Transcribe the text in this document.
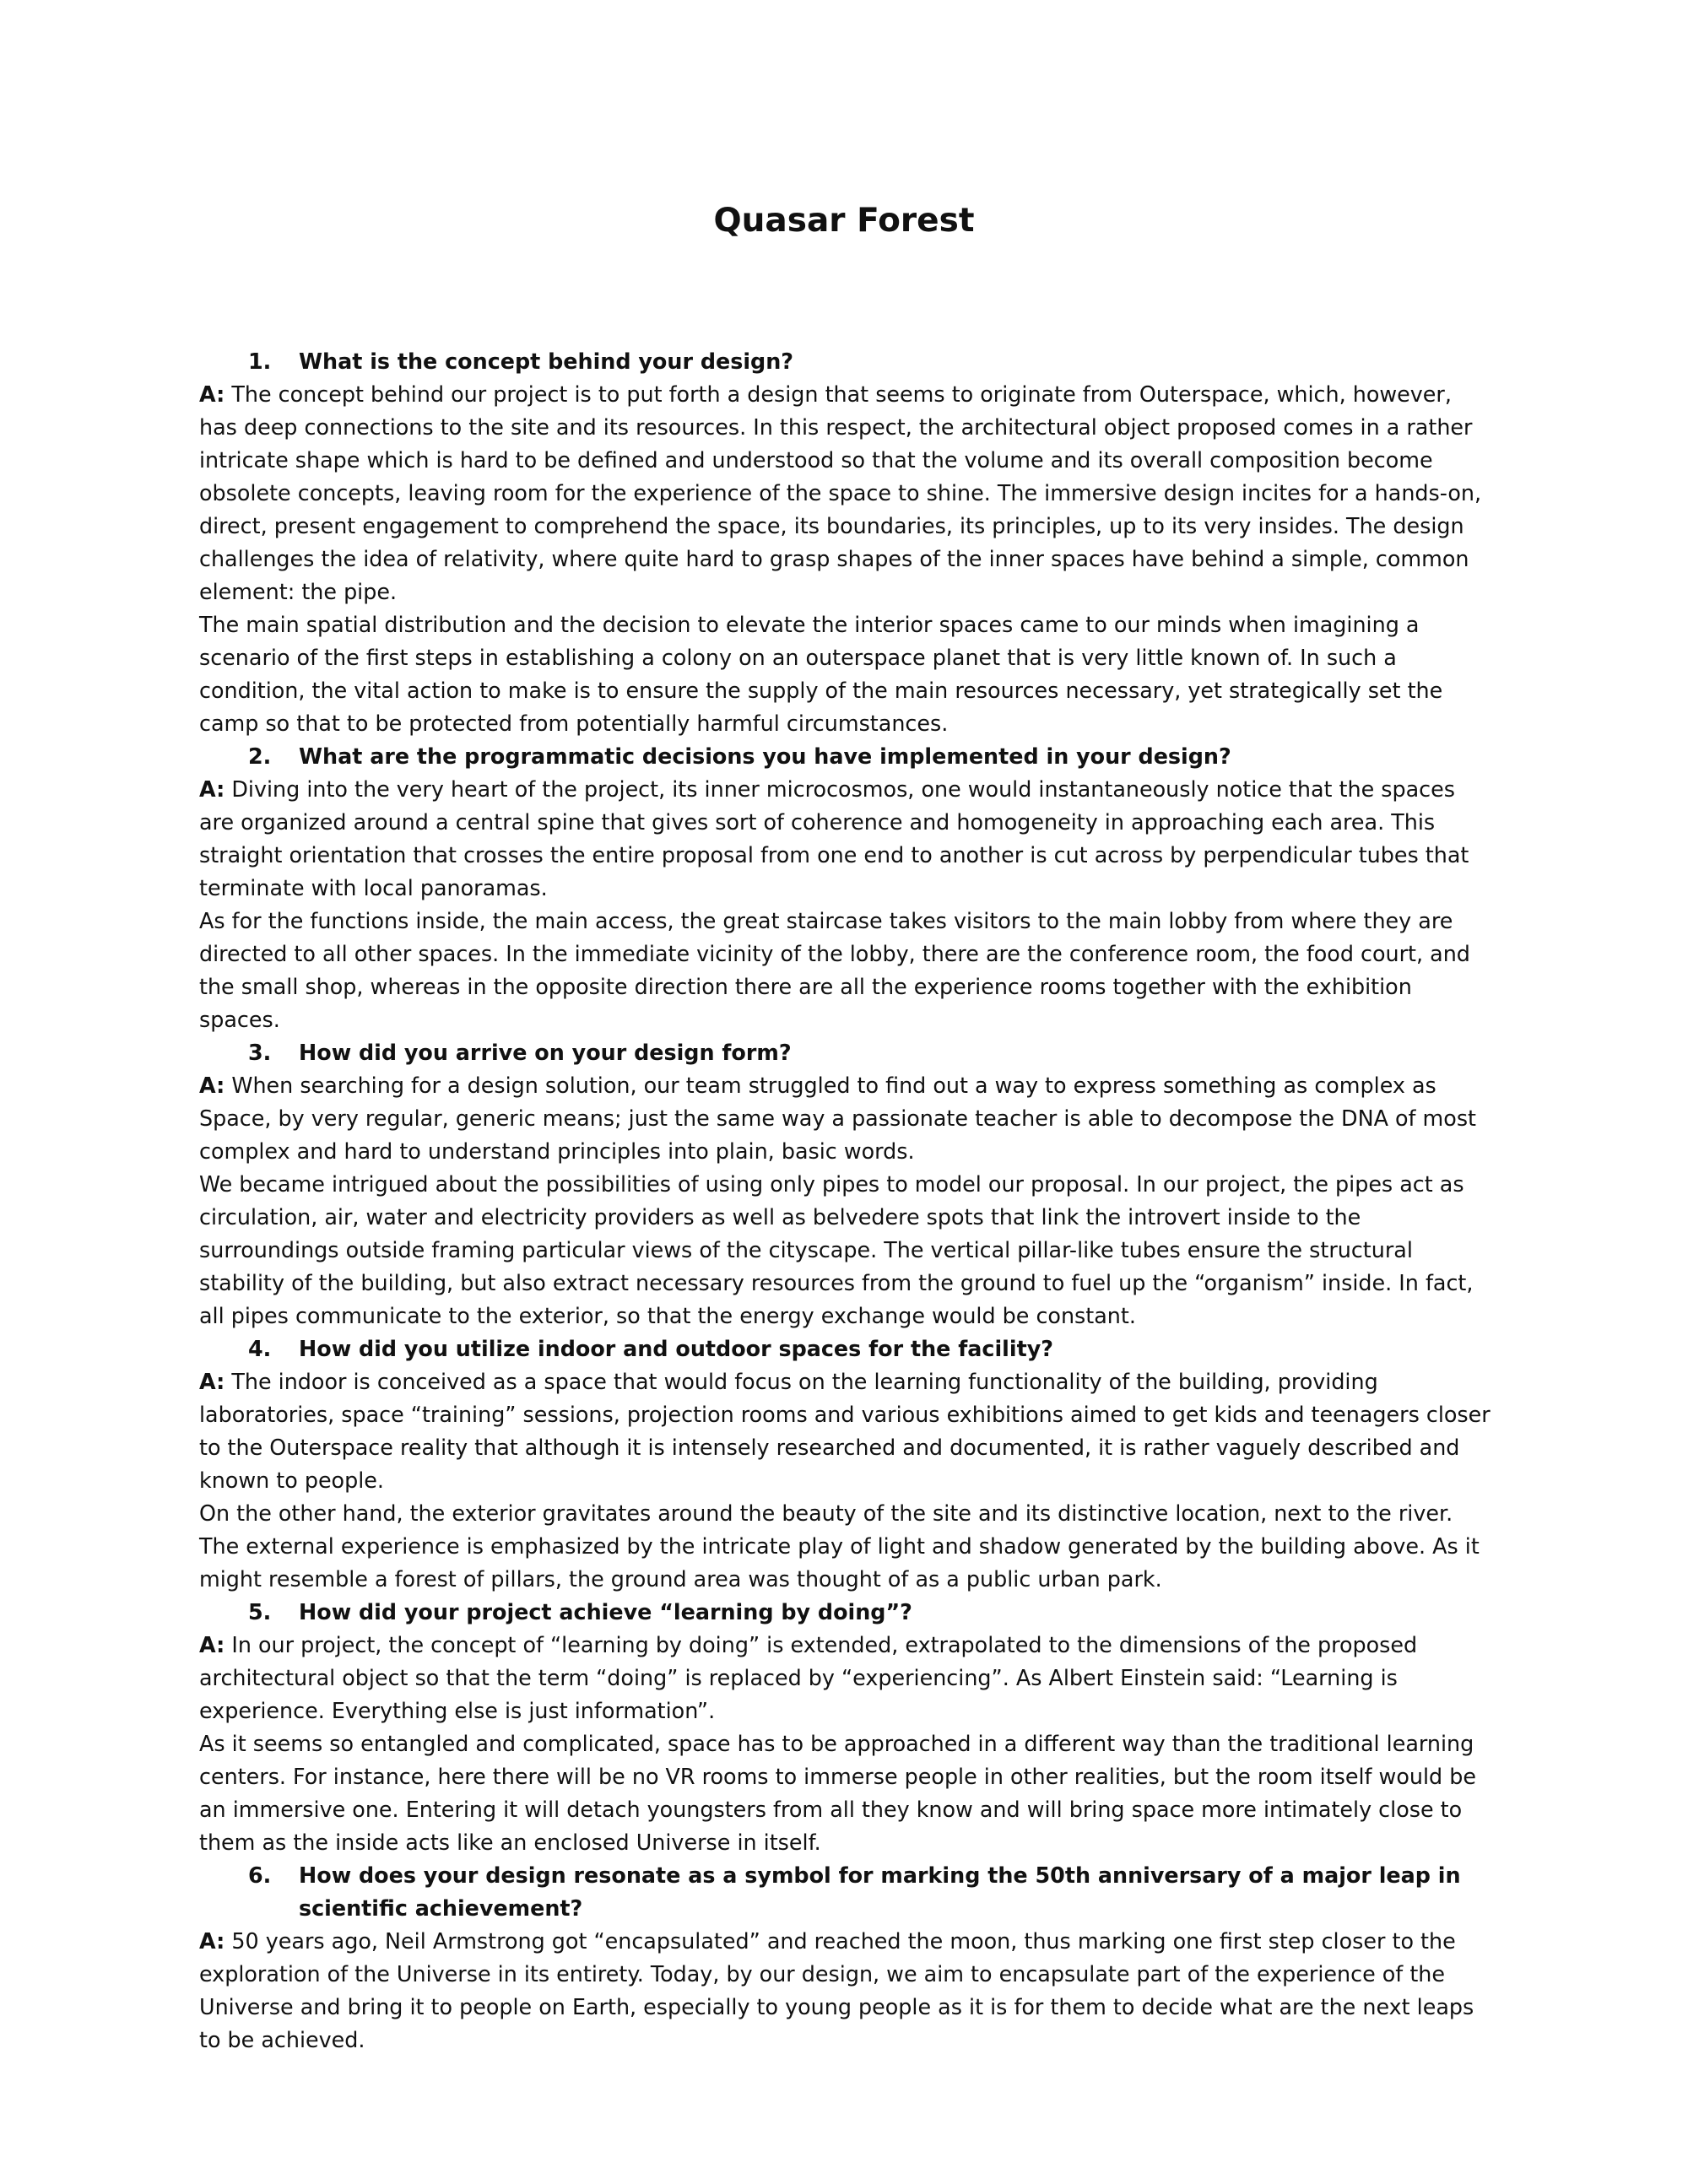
Quasar Forest

1. What is the concept behind your design?

A: The concept behind our project is to put forth a design that seems to originate from Outerspace, which, however, has deep connections to the site and its resources. In this respect, the architectural object proposed comes in a rather intricate shape which is hard to be defined and understood so that the volume and its overall composition become obsolete concepts, leaving room for the experience of the space to shine. The immersive design incites for a hands-on, direct, present engagement to comprehend the space, its boundaries, its principles, up to its very insides. The design challenges the idea of relativity, where quite hard to grasp shapes of the inner spaces have behind a simple, common element: the pipe.

The main spatial distribution and the decision to elevate the interior spaces came to our minds when imagining a scenario of the first steps in establishing a colony on an outerspace planet that is very little known of. In such a condition, the vital action to make is to ensure the supply of the main resources necessary, yet strategically set the camp so that to be protected from potentially harmful circumstances.

2. What are the programmatic decisions you have implemented in your design?

A: Diving into the very heart of the project, its inner microcosmos, one would instantaneously notice that the spaces are organized around a central spine that gives sort of coherence and homogeneity in approaching each area. This straight orientation that crosses the entire proposal from one end to another is cut across by perpendicular tubes that terminate with local panoramas.

As for the functions inside, the main access, the great staircase takes visitors to the main lobby from where they are directed to all other spaces. In the immediate vicinity of the lobby, there are the conference room, the food court, and the small shop, whereas in the opposite direction there are all the experience rooms together with the exhibition spaces.

3. How did you arrive on your design form?

A: When searching for a design solution, our team struggled to find out a way to express something as complex as Space, by very regular, generic means; just the same way a passionate teacher is able to decompose the DNA of most complex and hard to understand principles into plain, basic words.

We became intrigued about the possibilities of using only pipes to model our proposal. In our project, the pipes act as circulation, air, water and electricity providers as well as belvedere spots that link the introvert inside to the surroundings outside framing particular views of the cityscape. The vertical pillar-like tubes ensure the structural stability of the building, but also extract necessary resources from the ground to fuel up the “organism” inside. In fact, all pipes communicate to the exterior, so that the energy exchange would be constant.

4. How did you utilize indoor and outdoor spaces for the facility?

A: The indoor is conceived as a space that would focus on the learning functionality of the building, providing laboratories, space “training” sessions, projection rooms and various exhibitions aimed to get kids and teenagers closer to the Outerspace reality that although it is intensely researched and documented, it is rather vaguely described and known to people.

On the other hand, the exterior gravitates around the beauty of the site and its distinctive location, next to the river. The external experience is emphasized by the intricate play of light and shadow generated by the building above. As it might resemble a forest of pillars, the ground area was thought of as a public urban park.

5. How did your project achieve “learning by doing”?

A: In our project, the concept of “learning by doing” is extended, extrapolated to the dimensions of the proposed architectural object so that the term “doing” is replaced by “experiencing”. As Albert Einstein said: “Learning is experience. Everything else is just information”.

As it seems so entangled and complicated, space has to be approached in a different way than the traditional learning centers. For instance, here there will be no VR rooms to immerse people in other realities, but the room itself would be an immersive one. Entering it will detach youngsters from all they know and will bring space more intimately close to them as the inside acts like an enclosed Universe in itself.

6. How does your design resonate as a symbol for marking the 50th anniversary of a major leap in scientific achievement?

A: 50 years ago, Neil Armstrong got “encapsulated” and reached the moon, thus marking one first step closer to the exploration of the Universe in its entirety. Today, by our design, we aim to encapsulate part of the experience of the Universe and bring it to people on Earth, especially to young people as it is for them to decide what are the next leaps to be achieved.
